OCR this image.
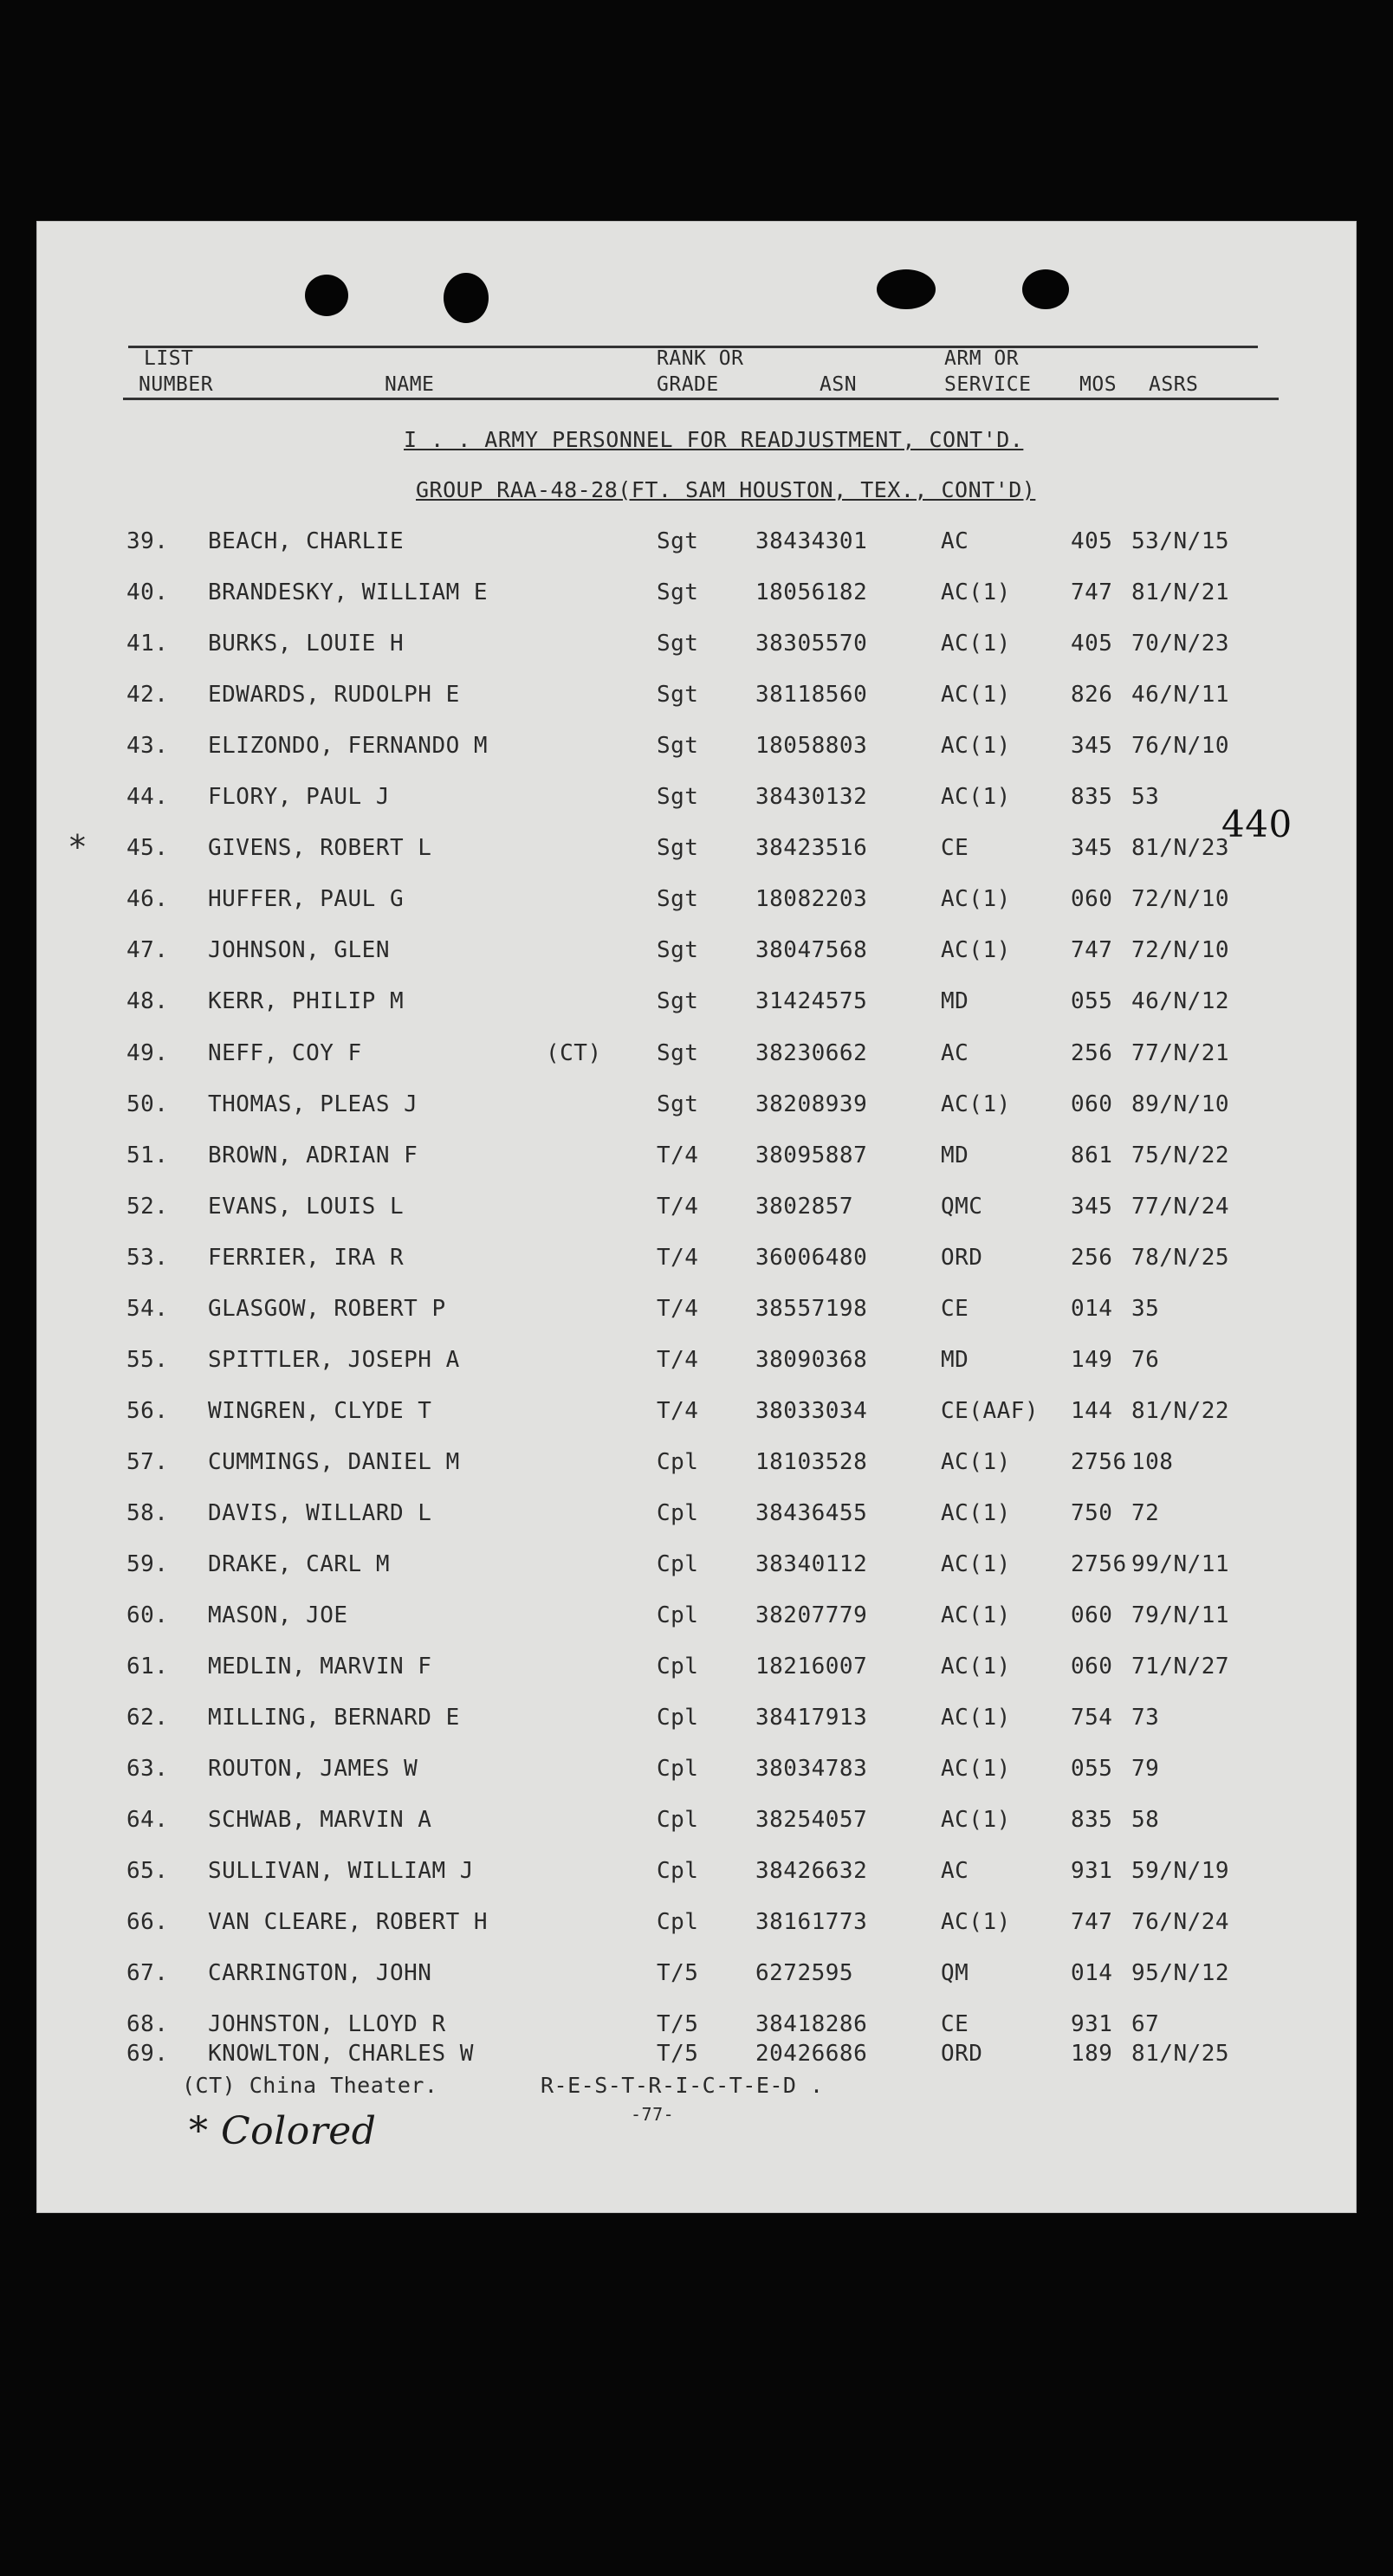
LIST
NUMBER	NAME
RANK OR
GRADE	ASN
ARM OR
SERVICE MOS ASRS
I . . ARMY PERSONNEL FOR READJUSTMENT, CONT'D.
GROUP RAA-48-28(FT. SAM HOUSTON, TEX., CONT'D)
440
39. BEACH, CHARLIE	Sgt	38434301	AC	405 53/N/15
40. BRANDESKY, WILLIAM E	Sgt	18056182	AC(1)	747 81/N/21
41. BURKS, LOUIE H	Sgt	38305570	AC(1)	405 70/N/23
42. EDWARDS, RUDOLPH E	Sgt	38118560	AC(1)	826 46/N/11
43. ELIZONDO, FERNANDO M	Sgt	18058803	AC(1)	345 76/N/10
44. FLORY, PAUL J	Sgt	38430132	AC(1)	835 53
* 45. GIVENS, ROBERT L	Sgt	38423516	CE	345 81/N/23
46. HUFFER, PAUL G	Sgt	18082203	AC(1)	060 72/N/10
47. JOHNSON, GLEN	Sgt	38047568	AC(1)	747 72/N/10
48. KERR, PHILIP M	Sgt	31424575	MD	055 46/N/12
49. NEFF, COY F	(CT) Sgt	38230662	AC	256 77/N/21
50. THOMAS, PLEAS J	Sgt	38208939	AC(1)	060 89/N/10
51. BROWN, ADRIAN F	T/4	38095887	MD	861 75/N/22
52. EVANS, LOUIS L	T/4	3802857	QMC	345 77/N/24
53. FERRIER, IRA R	T/4	36006480	ORD	256 78/N/25
54. GLASGOW, ROBERT P	T/4	38557198	CE	014 35
55. SPITTLER, JOSEPH A	T/4	38090368	MD	149 76
56. WINGREN, CLYDE T	T/4	38033034	CE(AAF) 144 81/N/22
57. CUMMINGS, DANIEL M	Cpl	18103528	AC(1)	2756 108
58. DAVIS, WILLARD L	Cpl	38436455	AC(1)	750 72
59. DRAKE, CARL M	Cpl	38340112	AC(1)	2756 99/N/11
60. MASON, JOE	Cpl	38207779	AC(1)	060 79/N/11
61. MEDLIN, MARVIN F	Cpl	18216007	AC(1)	060 71/N/27
62. MILLING, BERNARD E	Cpl	38417913	AC(1)	754 73
63. ROUTON, JAMES W	Cpl	38034783	AC(1)	055 79
64. SCHWAB, MARVIN A	Cpl	38254057	AC(1)	835 58
65. SULLIVAN, WILLIAM J	Cpl	38426632	AC	931 59/N/19
66. VAN CLEARE, ROBERT H	Cpl	38161773	AC(1)	747 76/N/24
67. CARRINGTON, JOHN	T/5	6272595	QM	014 95/N/12
68. JOHNSTON, LLOYD R	T/5	38418286	CE	931 67
69. KNOWLTON, CHARLES W	T/5	20426686	ORD	189 81/N/25
(CT) China Theater.	R-E-S-T-R-I-C-T-E-D .
-77-
* Colored
